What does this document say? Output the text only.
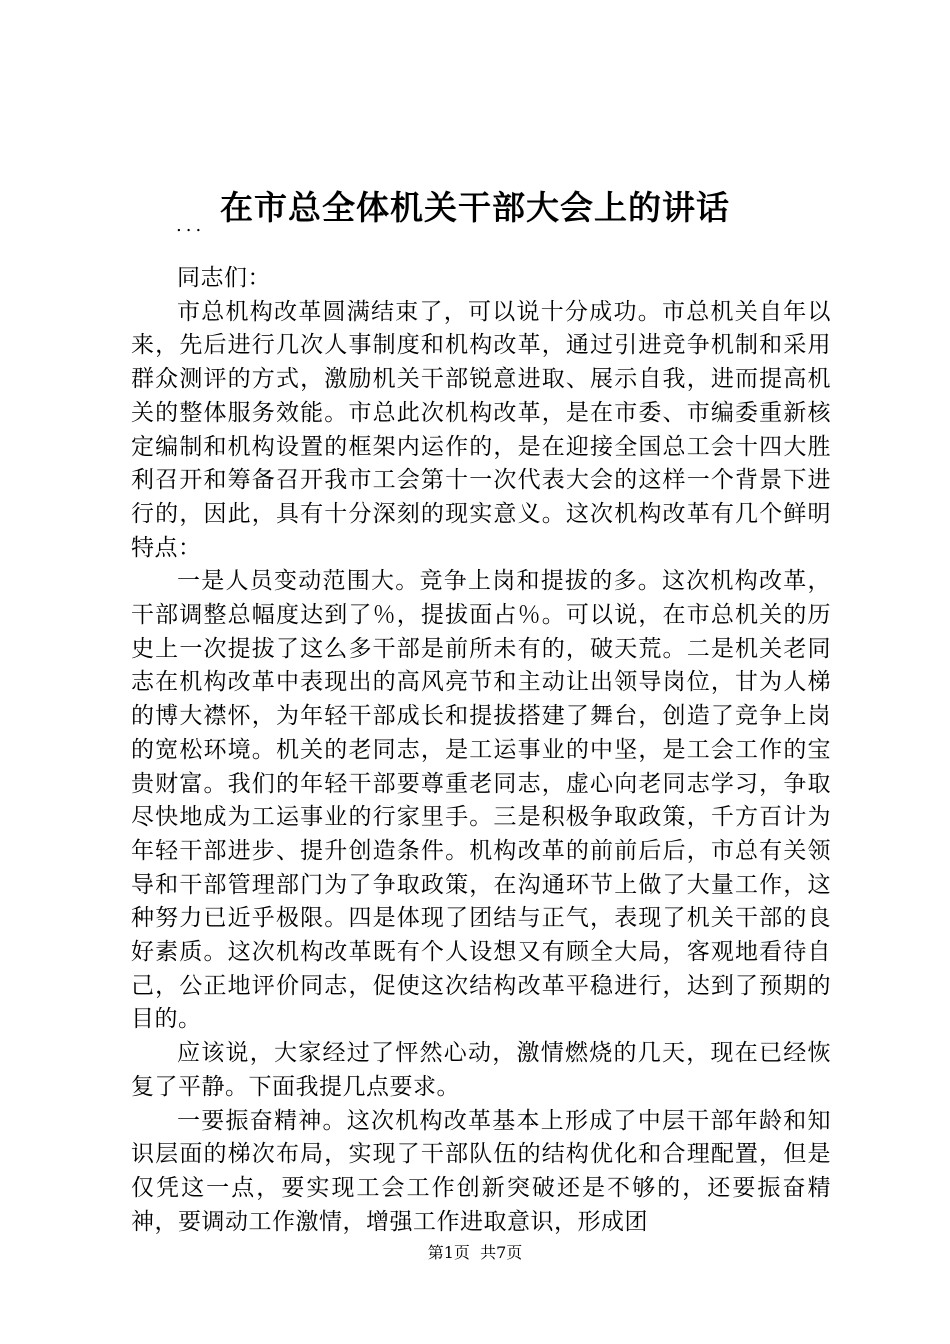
在市总全体机关干部大会上的讲话
...

同志们：

市总机构改革圆满结束了，可以说十分成功。市总机关自年以来，先后进行几次人事制度和机构改革，通过引进竞争机制和采用群众测评的方式，激励机关干部锐意进取、展示自我，进而提高机关的整体服务效能。市总此次机构改革，是在市委、市编委重新核定编制和机构设置的框架内运作的，是在迎接全国总工会十四大胜利召开和筹备召开我市工会第十一次代表大会的这样一个背景下进行的，因此，具有十分深刻的现实意义。这次机构改革有几个鲜明特点：

一是人员变动范围大。竞争上岗和提拔的多。这次机构改革，干部调整总幅度达到了％，提拔面占％。可以说，在市总机关的历史上一次提拔了这么多干部是前所未有的，破天荒。二是机关老同志在机构改革中表现出的高风亮节和主动让出领导岗位，甘为人梯的博大襟怀，为年轻干部成长和提拔搭建了舞台，创造了竞争上岗的宽松环境。机关的老同志，是工运事业的中坚，是工会工作的宝贵财富。我们的年轻干部要尊重老同志，虚心向老同志学习，争取尽快地成为工运事业的行家里手。三是积极争取政策，千方百计为年轻干部进步、提升创造条件。机构改革的前前后后，市总有关领导和干部管理部门为了争取政策，在沟通环节上做了大量工作，这种努力已近乎极限。四是体现了团结与正气，表现了机关干部的良好素质。这次机构改革既有个人设想又有顾全大局，客观地看待自己，公正地评价同志，促使这次结构改革平稳进行，达到了预期的目的。

应该说，大家经过了怦然心动，激情燃烧的几天，现在已经恢复了平静。下面我提几点要求。

一要振奋精神。这次机构改革基本上形成了中层干部年龄和知识层面的梯次布局，实现了干部队伍的结构优化和合理配置，但是仅凭这一点，要实现工会工作创新突破还是不够的，还要振奋精神，要调动工作激情，增强工作进取意识，形成团

第1页 共7页
